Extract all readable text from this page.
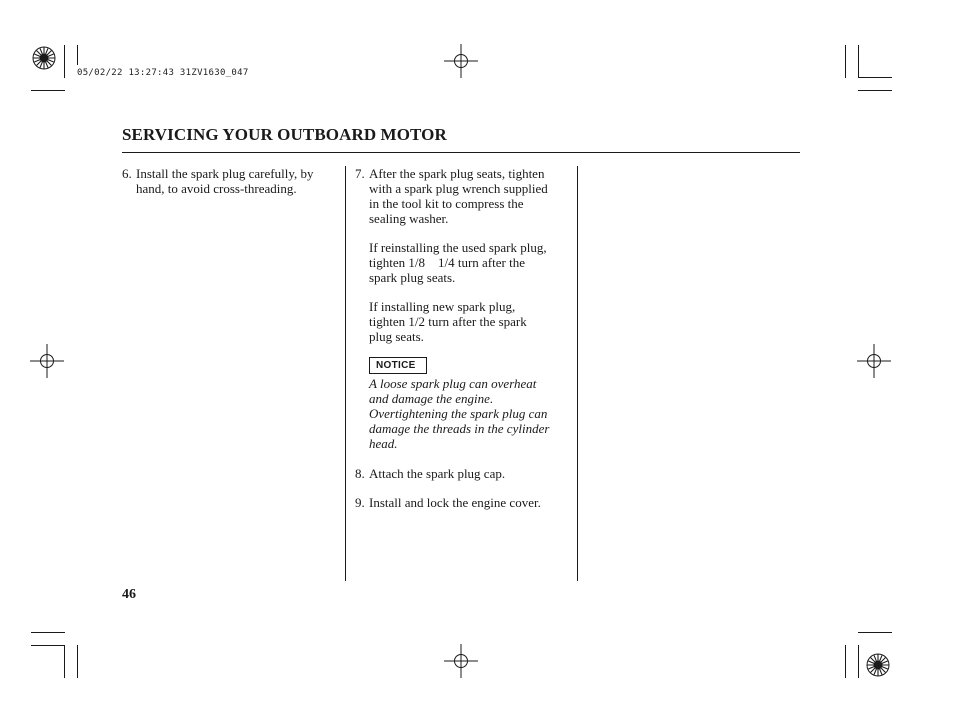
05/02/22 13:27:43 31ZV1630_047
SERVICING YOUR OUTBOARD MOTOR
6. Install the spark plug carefully, by
hand, to avoid cross-threading.
7. After the spark plug seats, tighten
with a spark plug wrench supplied
in the tool kit to compress the
sealing washer.
If reinstalling the used spark plug,
tighten 1/8    1/4 turn after the
spark plug seats.
If installing new spark plug,
tighten 1/2 turn after the spark
plug seats.
NOTICE
A loose spark plug can overheat
and damage the engine.
Overtightening the spark plug can
damage the threads in the cylinder
head.
8. Attach the spark plug cap.
9. Install and lock the engine cover.
46
